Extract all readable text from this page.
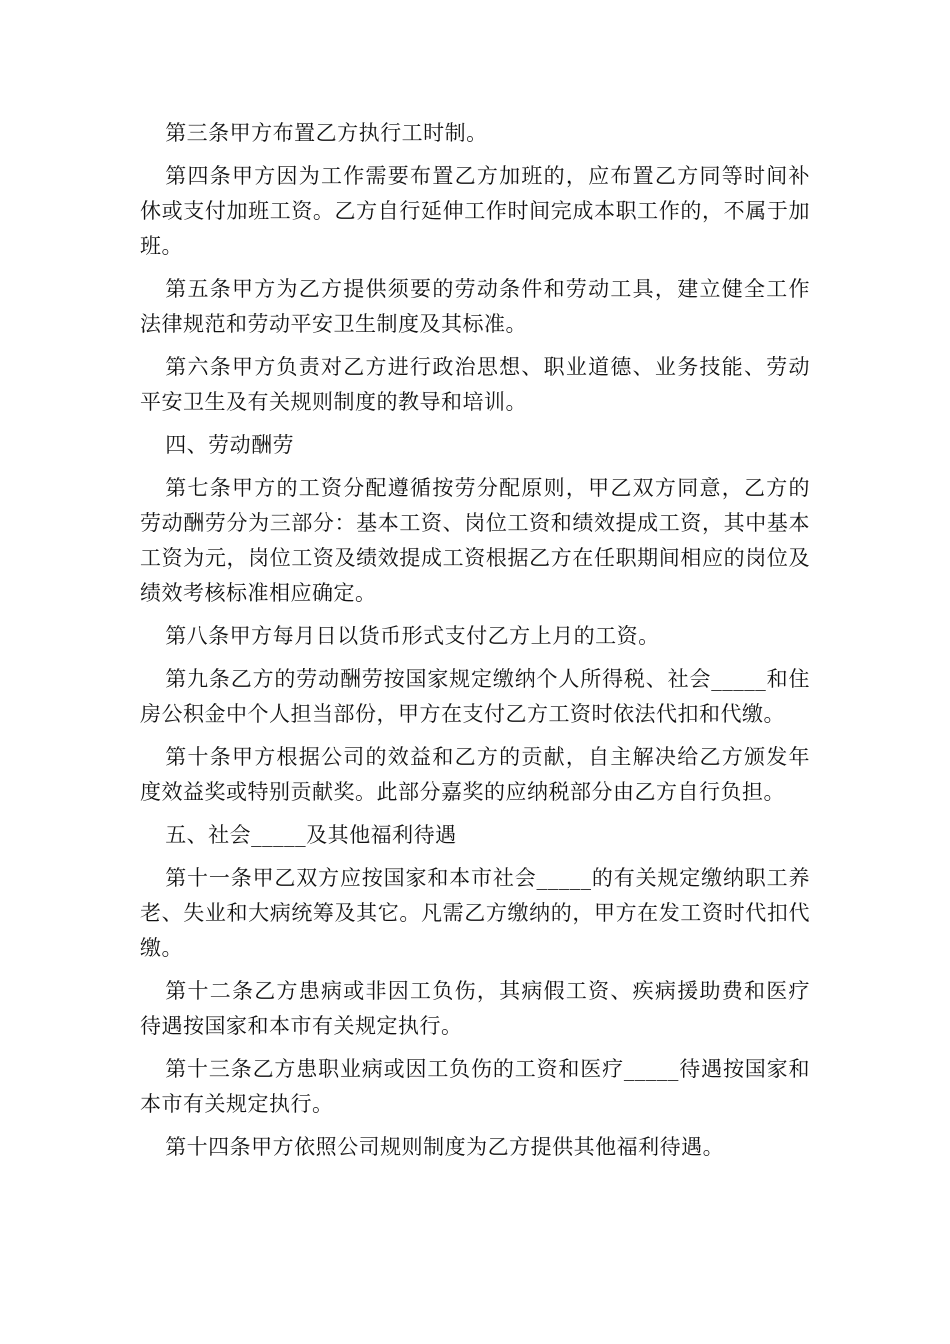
第三条甲方布置乙方执行工时制。

第四条甲方因为工作需要布置乙方加班的，应布置乙方同等时间补休或支付加班工资。乙方自行延伸工作时间完成本职工作的，不属于加班。

第五条甲方为乙方提供须要的劳动条件和劳动工具，建立健全工作法律规范和劳动平安卫生制度及其标准。

第六条甲方负责对乙方进行政治思想、职业道德、业务技能、劳动平安卫生及有关规则制度的教导和培训。

四、劳动酬劳

第七条甲方的工资分配遵循按劳分配原则，甲乙双方同意，乙方的劳动酬劳分为三部分：基本工资、岗位工资和绩效提成工资，其中基本工资为元，岗位工资及绩效提成工资根据乙方在任职期间相应的岗位及绩效考核标准相应确定。

第八条甲方每月日以货币形式支付乙方上月的工资。

第九条乙方的劳动酬劳按国家规定缴纳个人所得税、社会_____和住房公积金中个人担当部份，甲方在支付乙方工资时依法代扣和代缴。

第十条甲方根据公司的效益和乙方的贡献，自主解决给乙方颁发年度效益奖或特别贡献奖。此部分嘉奖的应纳税部分由乙方自行负担。

五、社会_____及其他福利待遇

第十一条甲乙双方应按国家和本市社会_____的有关规定缴纳职工养老、失业和大病统筹及其它。凡需乙方缴纳的，甲方在发工资时代扣代缴。

第十二条乙方患病或非因工负伤，其病假工资、疾病援助费和医疗待遇按国家和本市有关规定执行。

第十三条乙方患职业病或因工负伤的工资和医疗_____待遇按国家和本市有关规定执行。

第十四条甲方依照公司规则制度为乙方提供其他福利待遇。
